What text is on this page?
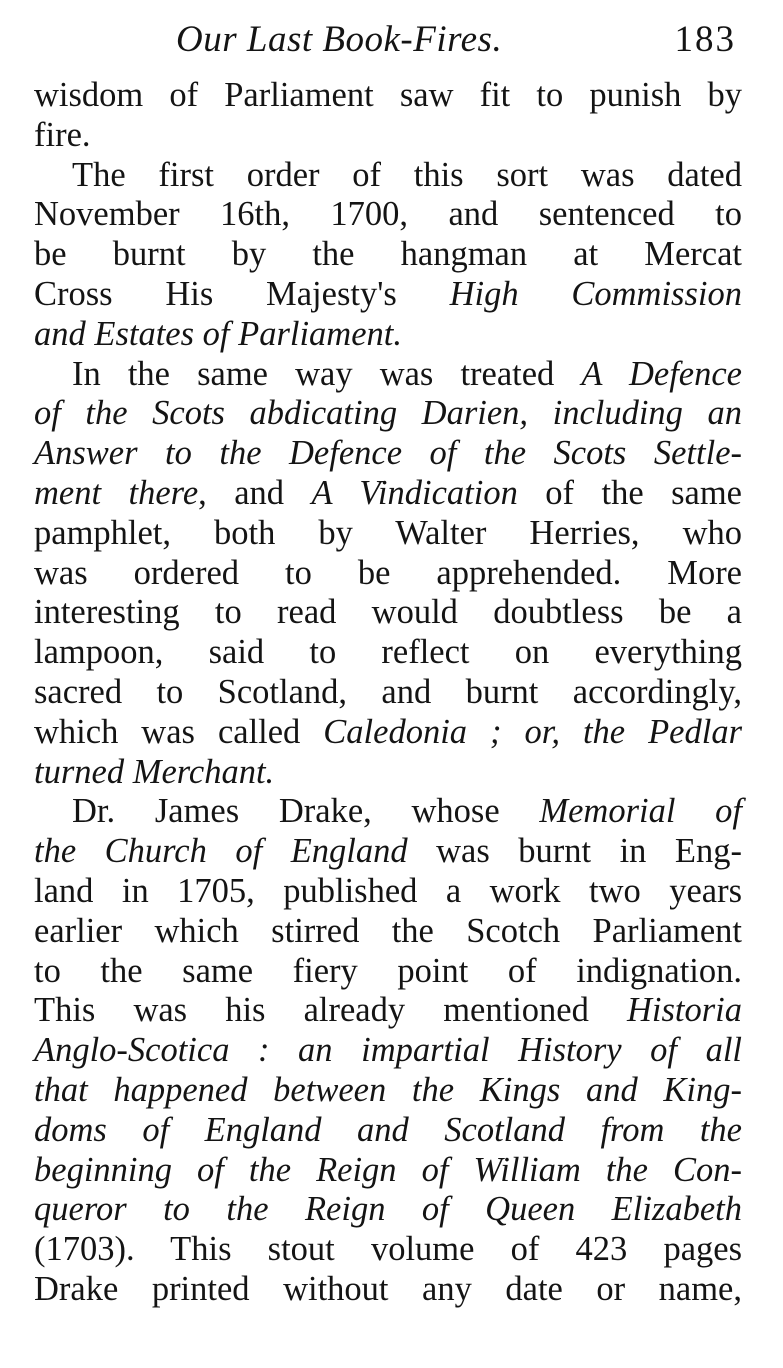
Our Last Book-Fires.	183
wisdom of Parliament saw fit to punish by
fire.
The first order of this sort was dated
November 16th, 1700, and sentenced to
be burnt by the hangman at Mercat
Cross His Majesty's High Commission
and Estates of Parliament.
In the same way was treated A Defence
of the Scots abdicating Darien, including an
Answer to the Defence of the Scots Settle-
ment there, and A Vindication of the same
pamphlet, both by Walter Herries, who
was ordered to be apprehended. More
interesting to read would doubtless be a
lampoon, said to reflect on everything
sacred to Scotland, and burnt accordingly,
which was called Caledonia ; or, the Pedlar
turned Merchant.
Dr. James Drake, whose Memorial of
the Church of England was burnt in Eng-
land in 1705, published a work two years
earlier which stirred the Scotch Parliament
to the same fiery point of indignation.
This was his already mentioned Historia
Anglo-Scotica : an impartial History of all
that happened between the Kings and King-
doms of England and Scotland from the
beginning of the Reign of William the Con-
queror to the Reign of Queen Elizabeth
(1703). This stout volume of 423 pages
Drake printed without any date or name,
